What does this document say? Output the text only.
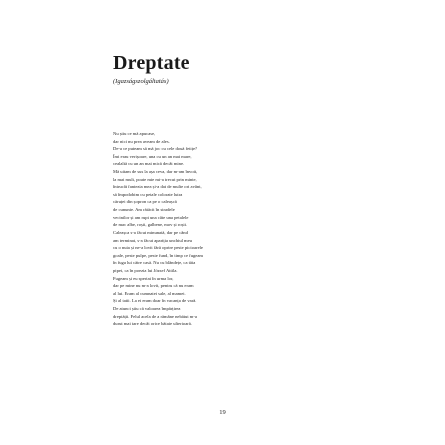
Dreptate
(Igazságszolgáltatás)
Nu știu ce mă apucase,
dar nici nu prea aveam de ales.
De-a ce puteam să mă joc cu cele două fetițe?
Îmi erau verișoare, una cu un an mai mare,
cealaltă cu un an mai mică decât mine.
Mă uitam de sus la așa ceva, dar m-am învoit,
la mai mult, poate mie mi-a trecut prin minte,
întrucât fantezia mea și-a dat de multe ori avânt,
să împodobim cu petale colorate lutra
căruței din șopron ca pe o caleașcă
de cununie. Am rătăcit în stradele
vecinilor și am rupt una câte una petalele
de mac albe, roșii, galbene, mov și roșii.
Caleașca s-a făcut minunată, dar pe când
am terminat, s-a făcut apariția unchiul meu
cu o nuia și ne-a lovit fără oprire peste picioarele
goale, peste pulpe, peste fund, în timp ce fugeam
în fuga lui către casă. Nu cu blândețe, ca tăia
pipei, ca în poezia lui József Attila.
Fugeam și eu speriat în urma lor,
dar pe mine nu m-a lovit, pentru că nu eram
al lui. Eram al cumnatei sale, al mamei.
Și al tatii. La ei eram doar în vacanța de vară.
De atunci știu că valoarea împărțirea
dreptății. Felul acela de a rămâne nebătut m-a
durut mai tare decât orice bătaie ulterioară.
19
